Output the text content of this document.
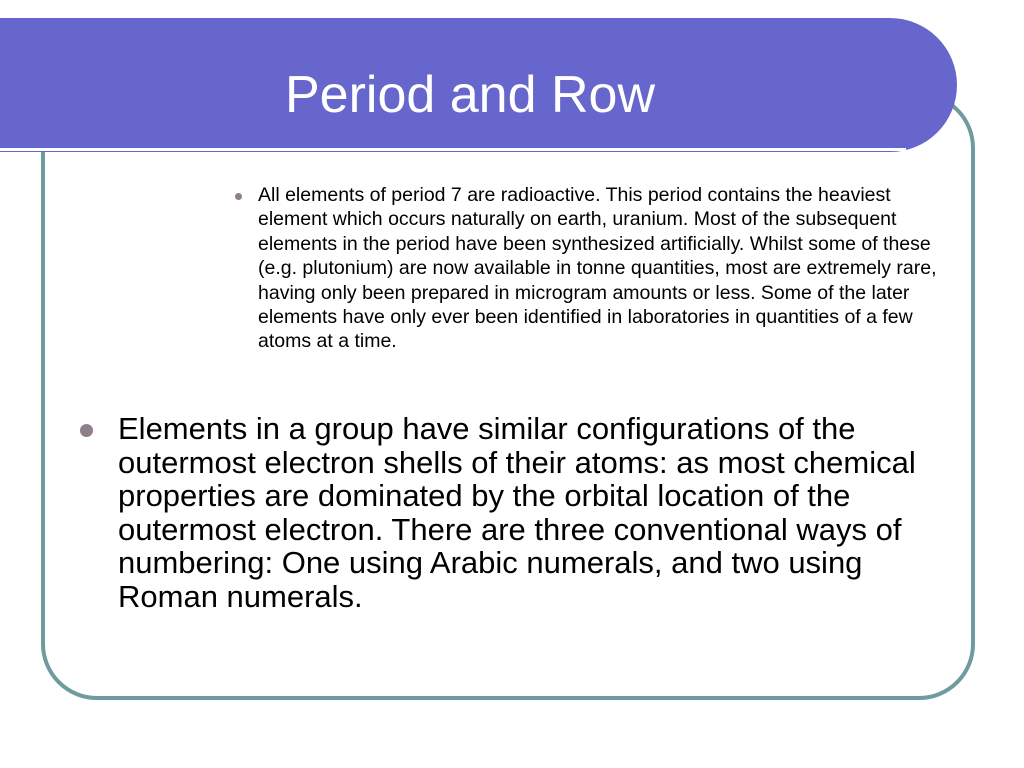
Period and Row
All elements of period 7 are radioactive. This period contains the heaviest element which occurs naturally on earth, uranium. Most of the subsequent elements in the period have been synthesized artificially. Whilst some of these (e.g. plutonium) are now available in tonne quantities, most are extremely rare, having only been prepared in microgram amounts or less. Some of the later elements have only ever been identified in laboratories in quantities of a few atoms at a time.
Elements in a group have similar configurations of the outermost electron shells of their atoms: as most chemical properties are dominated by the orbital location of the outermost electron. There are three conventional ways of numbering: One using Arabic numerals, and two using Roman numerals.
